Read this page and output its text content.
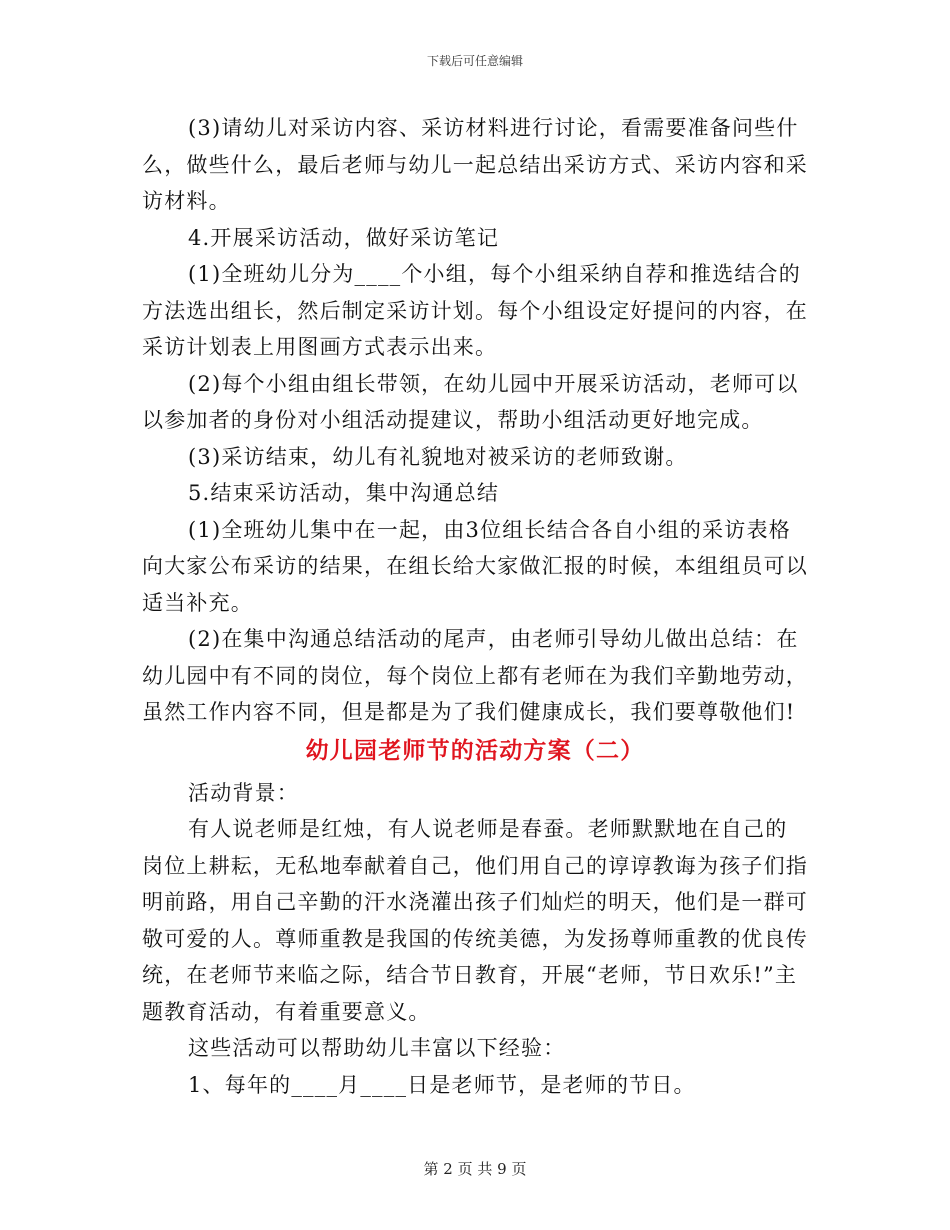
下载后可任意编辑

(3)请幼儿对采访内容、采访材料进行讨论，看需要准备问些什么，做些什么，最后老师与幼儿一起总结出采访方式、采访内容和采访材料。

4.开展采访活动，做好采访笔记

(1)全班幼儿分为____个小组，每个小组采纳自荐和推选结合的方法选出组长，然后制定采访计划。每个小组设定好提问的内容，在采访计划表上用图画方式表示出来。

(2)每个小组由组长带领，在幼儿园中开展采访活动，老师可以以参加者的身份对小组活动提建议，帮助小组活动更好地完成。

(3)采访结束，幼儿有礼貌地对被采访的老师致谢。

5.结束采访活动，集中沟通总结

(1)全班幼儿集中在一起，由3位组长结合各自小组的采访表格向大家公布采访的结果，在组长给大家做汇报的时候，本组组员可以适当补充。

(2)在集中沟通总结活动的尾声，由老师引导幼儿做出总结：在幼儿园中有不同的岗位，每个岗位上都有老师在为我们辛勤地劳动，虽然工作内容不同，但是都是为了我们健康成长，我们要尊敬他们!

幼儿园老师节的活动方案（二）

活动背景：

有人说老师是红烛，有人说老师是春蚕。老师默默地在自己的岗位上耕耘，无私地奉献着自己，他们用自己的谆谆教诲为孩子们指明前路，用自己辛勤的汗水浇灌出孩子们灿烂的明天，他们是一群可敬可爱的人。尊师重教是我国的传统美德，为发扬尊师重教的优良传统，在老师节来临之际，结合节日教育，开展“老师，节日欢乐!”主题教育活动，有着重要意义。

这些活动可以帮助幼儿丰富以下经验：

1、每年的____月____日是老师节，是老师的节日。

第 2 页 共 9 页
